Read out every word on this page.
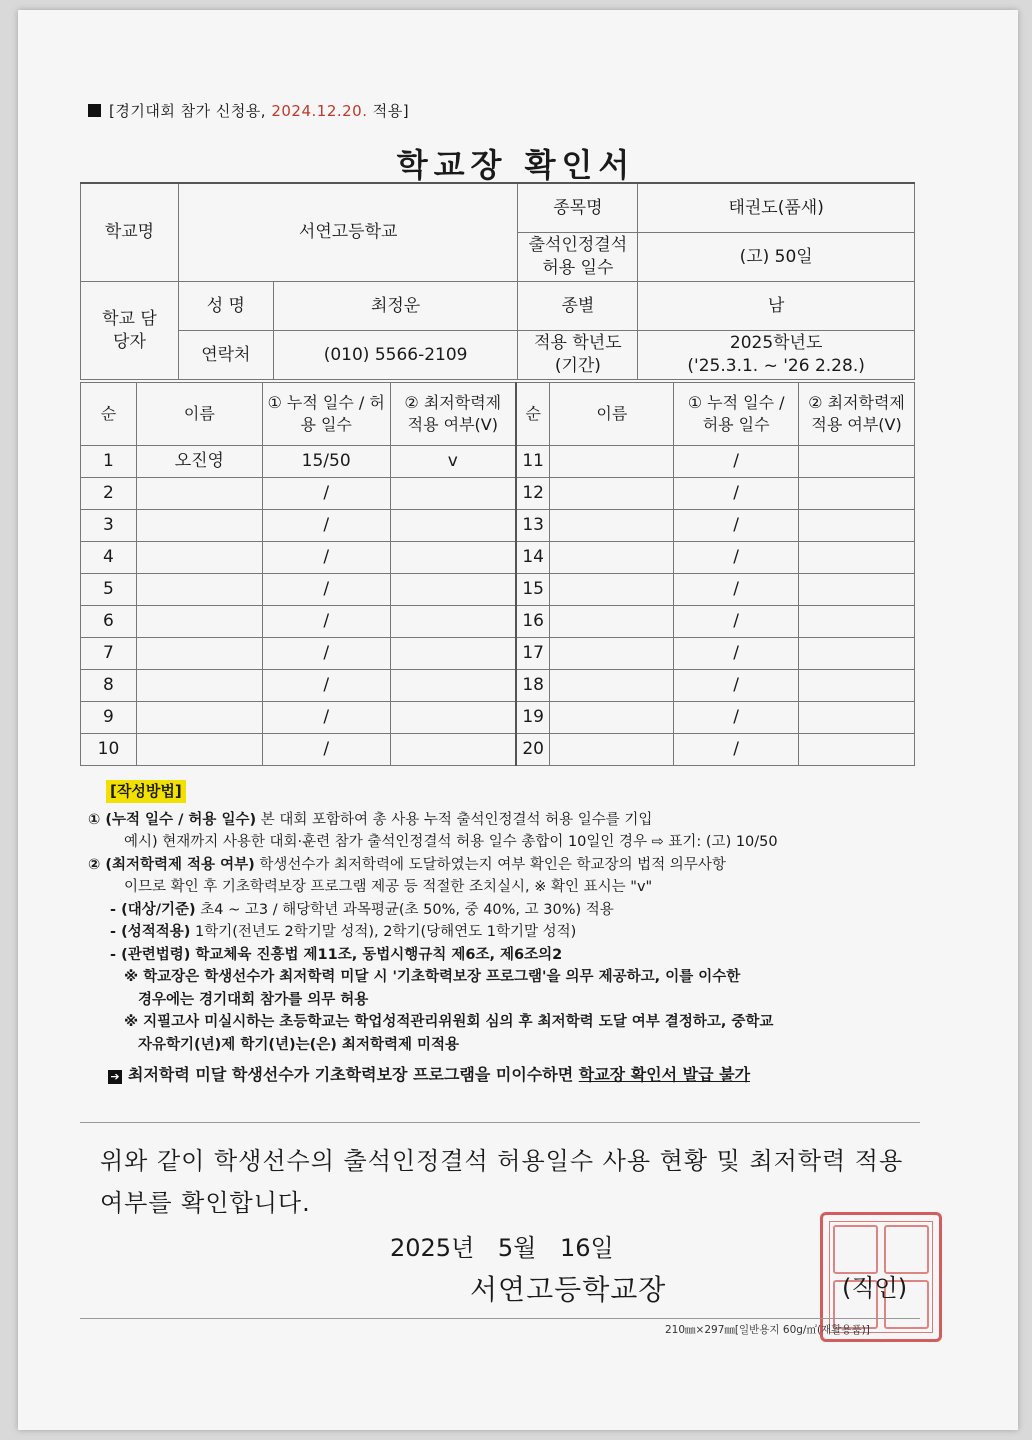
[경기대회 참가 신청용, 2024.12.20. 적용]
학교장 확인서
학교명	서연고등학교		종목명	태권도(품새)
			출석인정결석 허용 일수	(고) 50일
학교 담당자	성 명	최정운	종별	남
	연락처	(010) 5566-2109	적용 학년도 (기간)	2025학년도
('25.3.1. ~ '26 2.28.)
순	이름	① 누적 일수 / 허용 일수	② 최저학력제 적용 여부(V)	순	이름	① 누적 일수 / 허용 일수	② 최저학력제 적용 여부(V)
1	오진영	15/50	v	11		/	
2		/		12		/	
3		/		13		/	
4		/		14		/	
5		/		15		/	
6		/		16		/	
7		/		17		/	
8		/		18		/	
9		/		19		/	
10		/		20		/	
[작성방법]

① (누적 일수 / 허용 일수) 본 대회 포함하여 총 사용 누적 출석인정결석 허용 일수를 기입

예시) 현재까지 사용한 대회·훈련 참가 출석인정결석 허용 일수 총합이 10일인 경우 ⇨ 표기: (고) 10/50

② (최저학력제 적용 여부) 학생선수가 최저학력에 도달하였는지 여부 확인은 학교장의 법적 의무사항

이므로 확인 후 기초학력보장 프로그램 제공 등 적절한 조치실시, ※ 확인 표시는 "v"

- (대상/기준) 초4 ~ 고3 / 해당학년 과목평균(초 50%, 중 40%, 고 30%) 적용

- (성적적용) 1학기(전년도 2학기말 성적), 2학기(당해연도 1학기말 성적)

- (관련법령) 학교체육 진흥법 제11조, 동법시행규칙 제6조, 제6조의2

※ 학교장은 학생선수가 최저학력 미달 시 '기초학력보장 프로그램'을 의무 제공하고, 이를 이수한

경우에는 경기대회 참가를 의무 허용

※ 지필고사 미실시하는 초등학교는 학업성적관리위원회 심의 후 최저학력 도달 여부 결정하고, 중학교

자유학기(년)제 학기(년)는(은) 최저학력제 미적용

➔ 최저학력 미달 학생선수가 기초학력보장 프로그램을 미이수하면 학교장 확인서 발급 불가

위와 같이 학생선수의 출석인정결석 허용일수 사용 현황 및 최저학력 적용 여부를 확인합니다.
2025년 5월 16일
서연고등학교장	(직인)
210㎜×297㎜[일반용지 60g/㎡(재활용품)]
